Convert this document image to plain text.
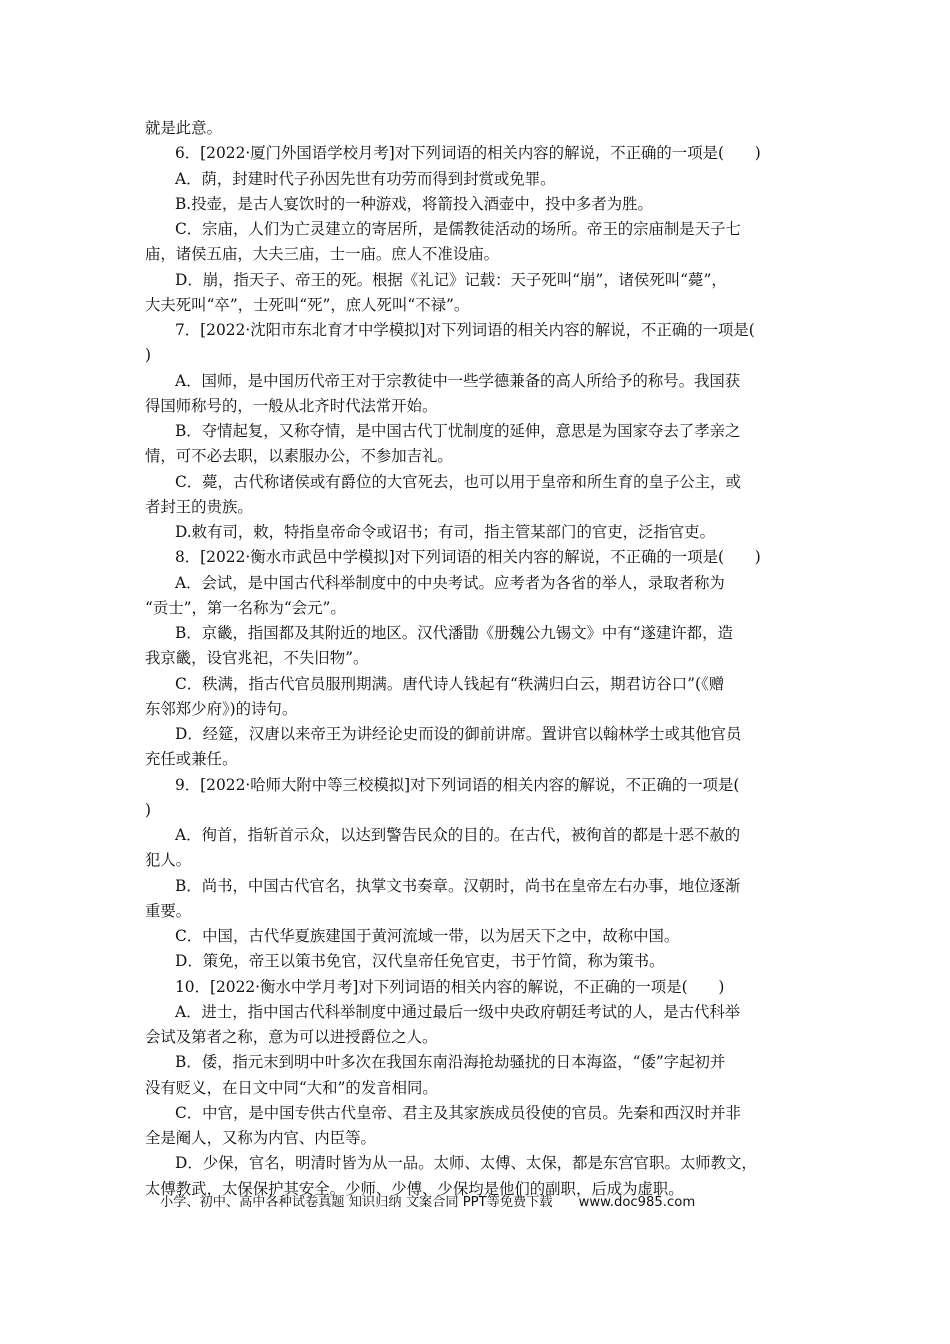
就是此意。
6．[2022·厦门外国语学校月考]对下列词语的相关内容的解说，不正确的一项是(　　)
A．荫，封建时代子孙因先世有功劳而得到封赏或免罪。
B.投壶，是古人宴饮时的一种游戏，将箭投入酒壶中，投中多者为胜。
C．宗庙，人们为亡灵建立的寄居所，是儒教徒活动的场所。帝王的宗庙制是天子七
庙，诸侯五庙，大夫三庙，士一庙。庶人不准设庙。
D．崩，指天子、帝王的死。根据《礼记》记载：天子死叫“崩”，诸侯死叫“薨”，
大夫死叫“卒”，士死叫“死”，庶人死叫“不禄”。
7．[2022·沈阳市东北育才中学模拟]对下列词语的相关内容的解说，不正确的一项是(
)
A．国师，是中国历代帝王对于宗教徒中一些学德兼备的高人所给予的称号。我国获
得国师称号的，一般从北齐时代法常开始。
B．夺情起复，又称夺情，是中国古代丁忧制度的延伸，意思是为国家夺去了孝亲之
情，可不必去职，以素服办公，不参加吉礼。
C．薨，古代称诸侯或有爵位的大官死去，也可以用于皇帝和所生育的皇子公主，或
者封王的贵族。
D.敕有司，敕，特指皇帝命令或诏书；有司，指主管某部门的官吏，泛指官吏。
8．[2022·衡水市武邑中学模拟]对下列词语的相关内容的解说，不正确的一项是(　　)
A．会试，是中国古代科举制度中的中央考试。应考者为各省的举人，录取者称为
“贡士”，第一名称为“会元”。
B．京畿，指国都及其附近的地区。汉代潘勖《册魏公九锡文》中有“遂建许都，造
我京畿，设官兆祀，不失旧物”。
C．秩满，指古代官员服刑期满。唐代诗人钱起有“秩满归白云，期君访谷口”(《赠
东邻郑少府》)的诗句。
D．经筵，汉唐以来帝王为讲经论史而设的御前讲席。置讲官以翰林学士或其他官员
充任或兼任。
9．[2022·哈师大附中等三校模拟]对下列词语的相关内容的解说，不正确的一项是(
)
A．徇首，指斩首示众，以达到警告民众的目的。在古代，被徇首的都是十恶不赦的
犯人。
B．尚书，中国古代官名，执掌文书奏章。汉朝时，尚书在皇帝左右办事，地位逐渐
重要。
C．中国，古代华夏族建国于黄河流域一带，以为居天下之中，故称中国。
D．策免，帝王以策书免官，汉代皇帝任免官吏，书于竹简，称为策书。
10．[2022·衡水中学月考]对下列词语的相关内容的解说，不正确的一项是(　　)
A．进士，指中国古代科举制度中通过最后一级中央政府朝廷考试的人，是古代科举
会试及第者之称，意为可以进授爵位之人。
B．倭，指元末到明中叶多次在我国东南沿海抢劫骚扰的日本海盗，“倭”字起初并
没有贬义，在日文中同“大和”的发音相同。
C．中官，是中国专供古代皇帝、君主及其家族成员役使的官员。先秦和西汉时并非
全是阉人，又称为内官、内臣等。
D．少保，官名，明清时皆为从一品。太师、太傅、太保，都是东宫官职。太师教文，
太傅教武，太保保护其安全。少师、少傅、少保均是他们的副职，后成为虚职。
小学、初中、高中各种试卷真题 知识归纳 文案合同 PPT等免费下载 www.doc985.com
